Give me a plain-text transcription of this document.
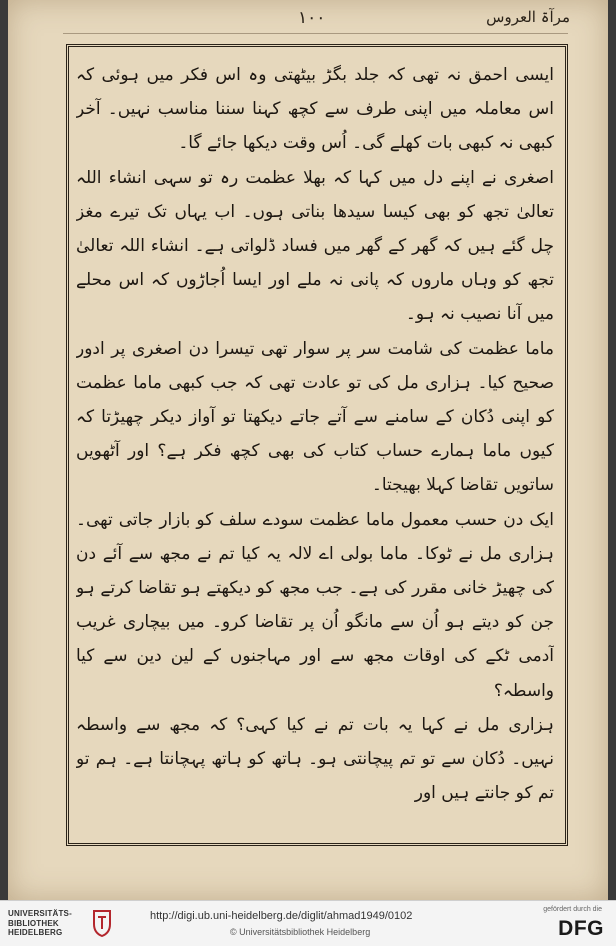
۱۰۰	مرآۃ العروس

ایسی احمق نہ تھی کہ جلد بگڑ بیٹھتی وہ اس فکر میں ہوئی کہ اس معاملہ میں اپنی طرف سے کچھ کہنا سننا مناسب نہیں۔ آخر کبھی نہ کبھی بات کھلے گی۔ اُس وقت دیکھا جائے گا۔

اصغری نے اپنے دل میں کہا کہ بھلا عظمت رہ تو سہی انشاء اللہ تعالیٰ تجھ کو بھی کیسا سیدھا بناتی ہوں۔ اب یہاں تک تیرے مغز چل گئے ہیں کہ گھر کے گھر میں فساد ڈلواتی ہے۔ انشاء اللہ تعالیٰ تجھ کو وہاں ماروں کہ پانی نہ ملے اور ایسا اُجاڑوں کہ اس محلے میں آنا نصیب نہ ہو۔

ماما عظمت کی شامت سر پر سوار تھی تیسرا دن اصغری پر ادور صحیح کیا۔ ہزاری مل کی تو عادت تھی کہ جب کبھی ماما عظمت کو اپنی دُکان کے سامنے سے آتے جاتے دیکھتا تو آواز دیکر چھیڑتا کہ کیوں ماما ہمارے حساب کتاب کی بھی کچھ فکر ہے؟ اور آٹھویں ساتویں تقاضا کہلا بھیجتا۔

ایک دن حسب معمول ماما عظمت سودے سلف کو بازار جاتی تھی۔ ہزاری مل نے ٹوکا۔ ماما بولی اے لالہ یہ کیا تم نے مجھ سے آئے دن کی چھیڑ خانی مقرر کی ہے۔ جب مجھ کو دیکھتے ہو تقاضا کرتے ہو جن کو دیتے ہو اُن سے مانگو اُن پر تقاضا کرو۔ میں بیچاری غریب آدمی ٹکے کی اوقات مجھ سے اور مہاجنوں کے لین دین سے کیا واسطہ؟

ہزاری مل نے کہا یہ بات تم نے کیا کہی؟ کہ مجھ سے واسطہ نہیں۔ دُکان سے تو تم پیچانتی ہو۔ ہاتھ کو ہاتھ پہچانتا ہے۔ ہم تو تم کو جانتے ہیں اور

UNIVERSITÄTS-
BIBLIOTHEK
HEIDELBERG
http://digi.ub.uni-heidelberg.de/diglit/ahmad1949/0102
© Universitätsbibliothek Heidelberg
gefördert durch die
DFG
